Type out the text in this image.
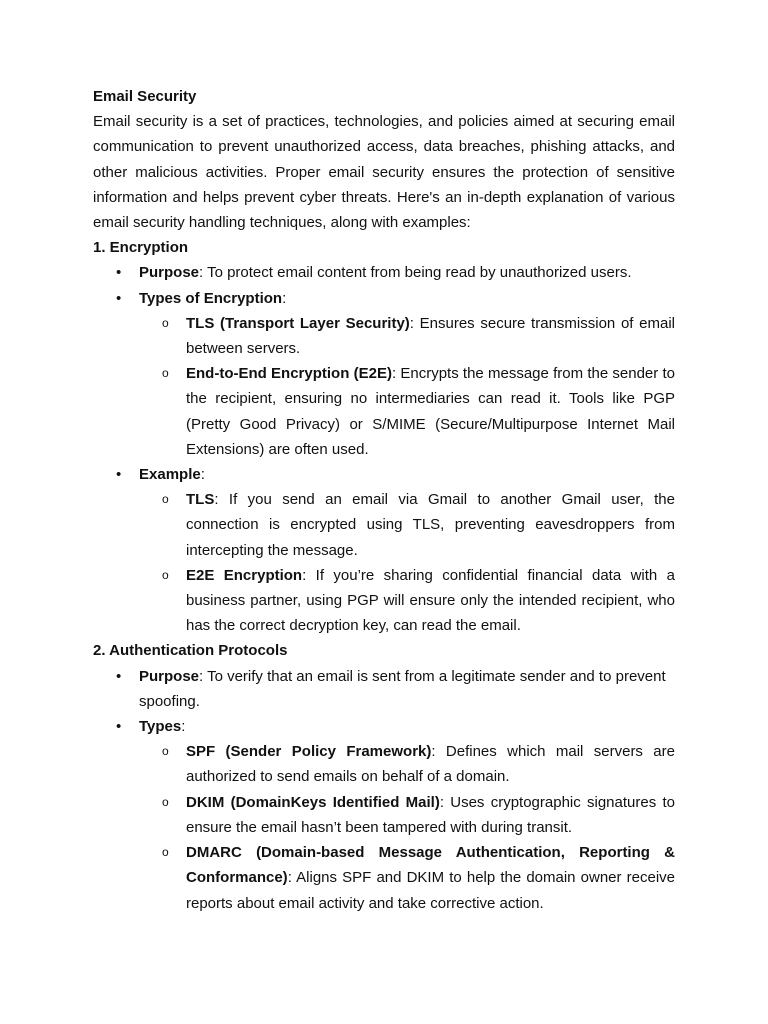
Email Security

Email security is a set of practices, technologies, and policies aimed at securing email communication to prevent unauthorized access, data breaches, phishing attacks, and other malicious activities. Proper email security ensures the protection of sensitive information and helps prevent cyber threats. Here's an in-depth explanation of various email security handling techniques, along with examples:

1. Encryption

• Purpose: To protect email content from being read by unauthorized users.
• Types of Encryption:
o TLS (Transport Layer Security): Ensures secure transmission of email between servers.
o End-to-End Encryption (E2E): Encrypts the message from the sender to the recipient, ensuring no intermediaries can read it. Tools like PGP (Pretty Good Privacy) or S/MIME (Secure/Multipurpose Internet Mail Extensions) are often used.
• Example:
o TLS: If you send an email via Gmail to another Gmail user, the connection is encrypted using TLS, preventing eavesdroppers from intercepting the message.
o E2E Encryption: If you’re sharing confidential financial data with a business partner, using PGP will ensure only the intended recipient, who has the correct decryption key, can read the email.

2. Authentication Protocols

• Purpose: To verify that an email is sent from a legitimate sender and to prevent spoofing.
• Types:
o SPF (Sender Policy Framework): Defines which mail servers are authorized to send emails on behalf of a domain.
o DKIM (DomainKeys Identified Mail): Uses cryptographic signatures to ensure the email hasn’t been tampered with during transit.
o DMARC (Domain-based Message Authentication, Reporting & Conformance): Aligns SPF and DKIM to help the domain owner receive reports about email activity and take corrective action.
